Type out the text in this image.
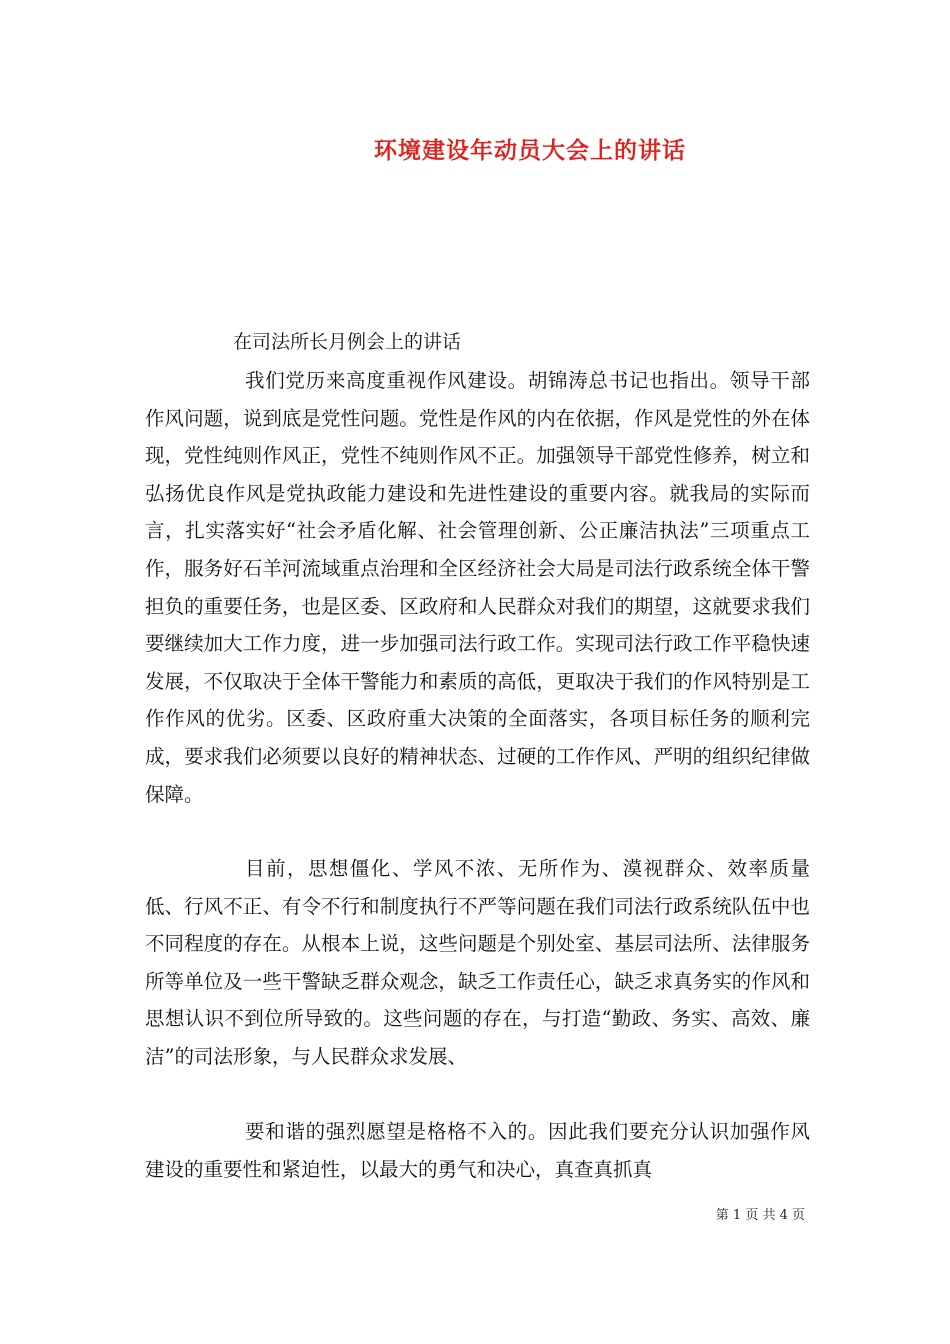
环境建设年动员大会上的讲话
在司法所长月例会上的讲话

我们党历来高度重视作风建设。胡锦涛总书记也指出。领导干部作风问题，说到底是党性问题。党性是作风的内在依据，作风是党性的外在体现，党性纯则作风正，党性不纯则作风不正。加强领导干部党性修养，树立和弘扬优良作风是党执政能力建设和先进性建设的重要内容。就我局的实际而言，扎实落实好“社会矛盾化解、社会管理创新、公正廉洁执法”三项重点工作，服务好石羊河流域重点治理和全区经济社会大局是司法行政系统全体干警担负的重要任务，也是区委、区政府和人民群众对我们的期望，这就要求我们要继续加大工作力度，进一步加强司法行政工作。实现司法行政工作平稳快速发展，不仅取决于全体干警能力和素质的高低，更取决于我们的作风特别是工作作风的优劣。区委、区政府重大决策的全面落实，各项目标任务的顺利完成，要求我们必须要以良好的精神状态、过硬的工作作风、严明的组织纪律做保障。

目前，思想僵化、学风不浓、无所作为、漠视群众、效率质量低、行风不正、有令不行和制度执行不严等问题在我们司法行政系统队伍中也不同程度的存在。从根本上说，这些问题是个别处室、基层司法所、法律服务所等单位及一些干警缺乏群众观念，缺乏工作责任心，缺乏求真务实的作风和思想认识不到位所导致的。这些问题的存在，与打造“勤政、务实、高效、廉洁”的司法形象，与人民群众求发展、

要和谐的强烈愿望是格格不入的。因此我们要充分认识加强作风建设的重要性和紧迫性，以最大的勇气和决心，真查真抓真

第 1 页 共 4 页
